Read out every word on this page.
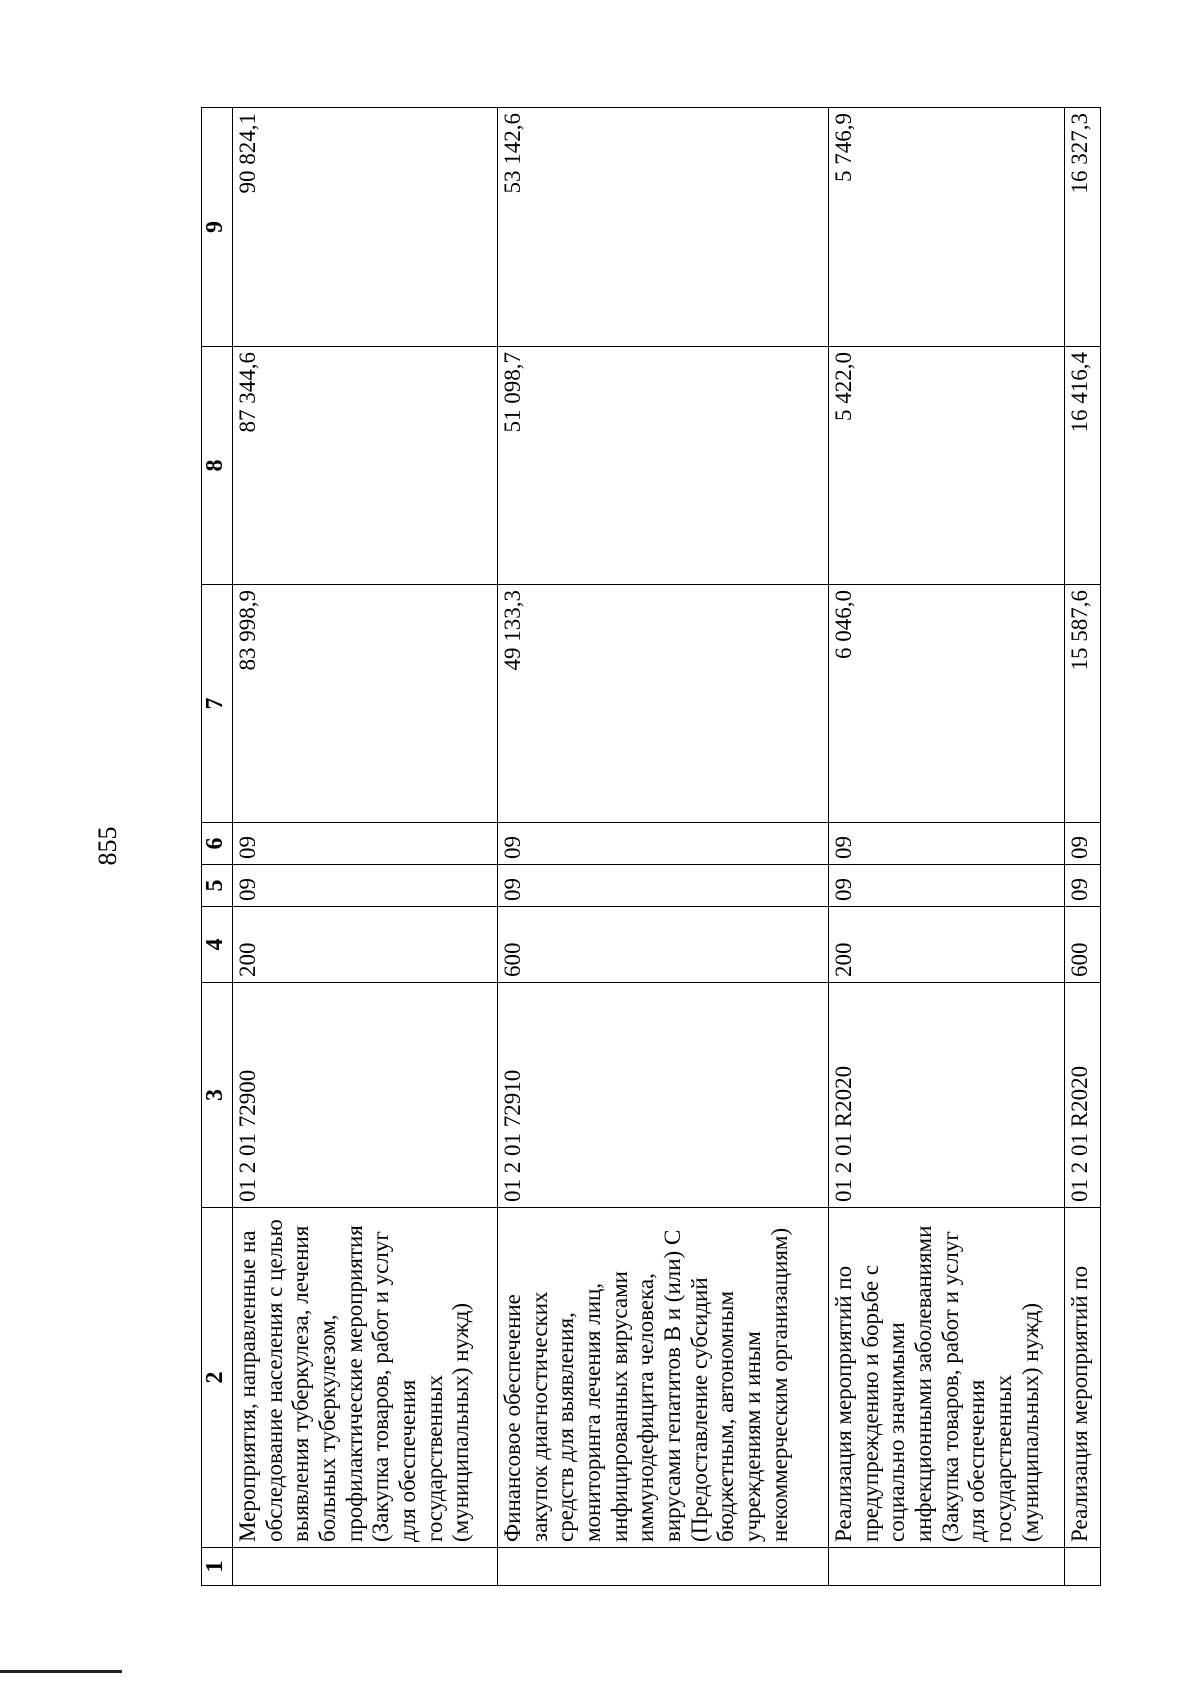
855
1	2	3	4	5	6	7	8	9
	Мероприятия, направленные на обследование населения с целью выявления туберкулеза, лечения больных туберкулезом, профилактические мероприятия (Закупка товаров, работ и услуг для обеспечения государственных (муниципальных) нужд)	01 2 01 72900	200	09	09	83 998,9	87 344,6	90 824,1
	Финансовое обеспечение закупок диагностических средств для выявления, мониторинга лечения лиц, инфицированных вирусами иммунодефицита человека, вирусами гепатитов В и (или) С (Предоставление субсидий бюджетным, автономным учреждениям и иным некоммерческим организациям)	01 2 01 72910	600	09	09	49 133,3	51 098,7	53 142,6
	Реализация мероприятий по предупреждению и борьбе с социально значимыми инфекционными заболеваниями (Закупка товаров, работ и услуг для обеспечения государственных (муниципальных) нужд)	01 2 01 R2020	200	09	09	6 046,0	5 422,0	5 746,9
	Реализация мероприятий по	01 2 01 R2020	600	09	09	15 587,6	16 416,4	16 327,3
